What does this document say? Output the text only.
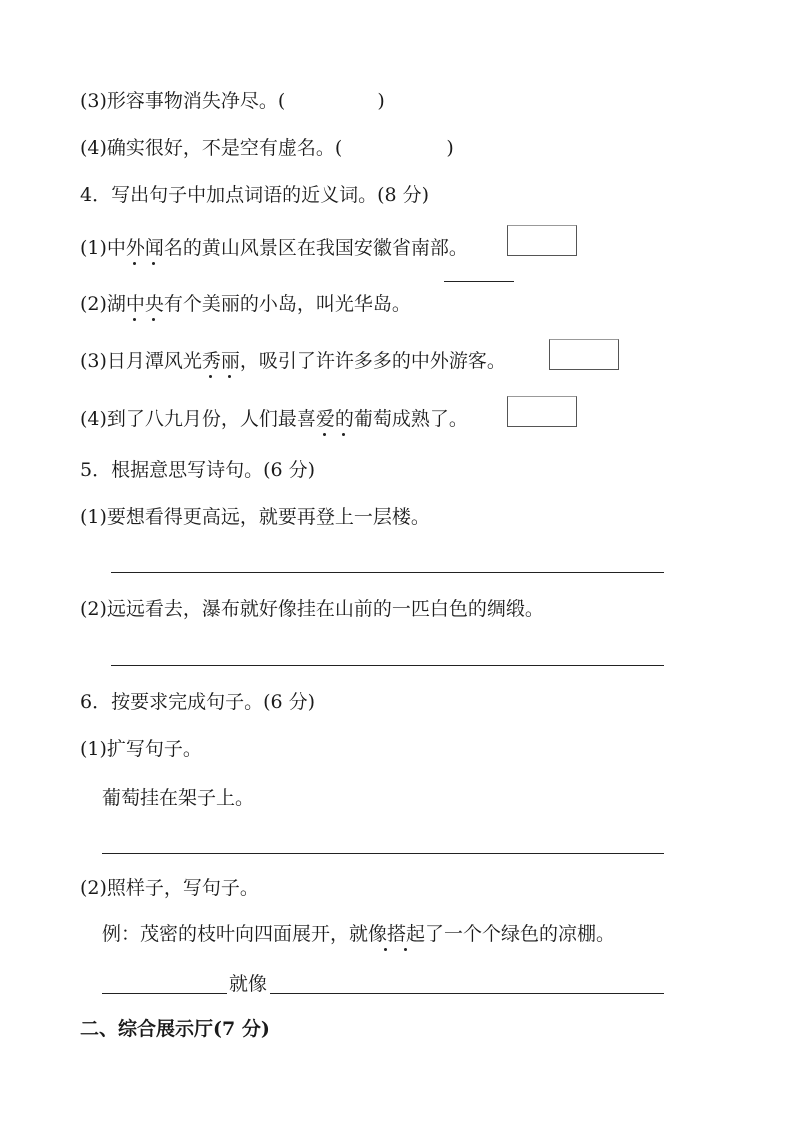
(3)形容事物消失净尽。(	)
(4)确实很好，不是空有虚名。(	)
4．写出句子中加点词语的近义词。(8 分)
(1)中外闻名的黄山风景区在我国安徽省南部。
(2)湖中央有个美丽的小岛，叫光华岛。
(3)日月潭风光秀丽，吸引了许许多多的中外游客。
(4)到了八九月份，人们最喜爱的葡萄成熟了。
5．根据意思写诗句。(6 分)
(1)要想看得更高远，就要再登上一层楼。
(2)远远看去，瀑布就好像挂在山前的一匹白色的绸缎。
6．按要求完成句子。(6 分)
(1)扩写句子。
葡萄挂在架子上。
(2)照样子，写句子。
例：茂密的枝叶向四面展开，就像搭起了一个个绿色的凉棚。
就像
二、综合展示厅(7 分)
